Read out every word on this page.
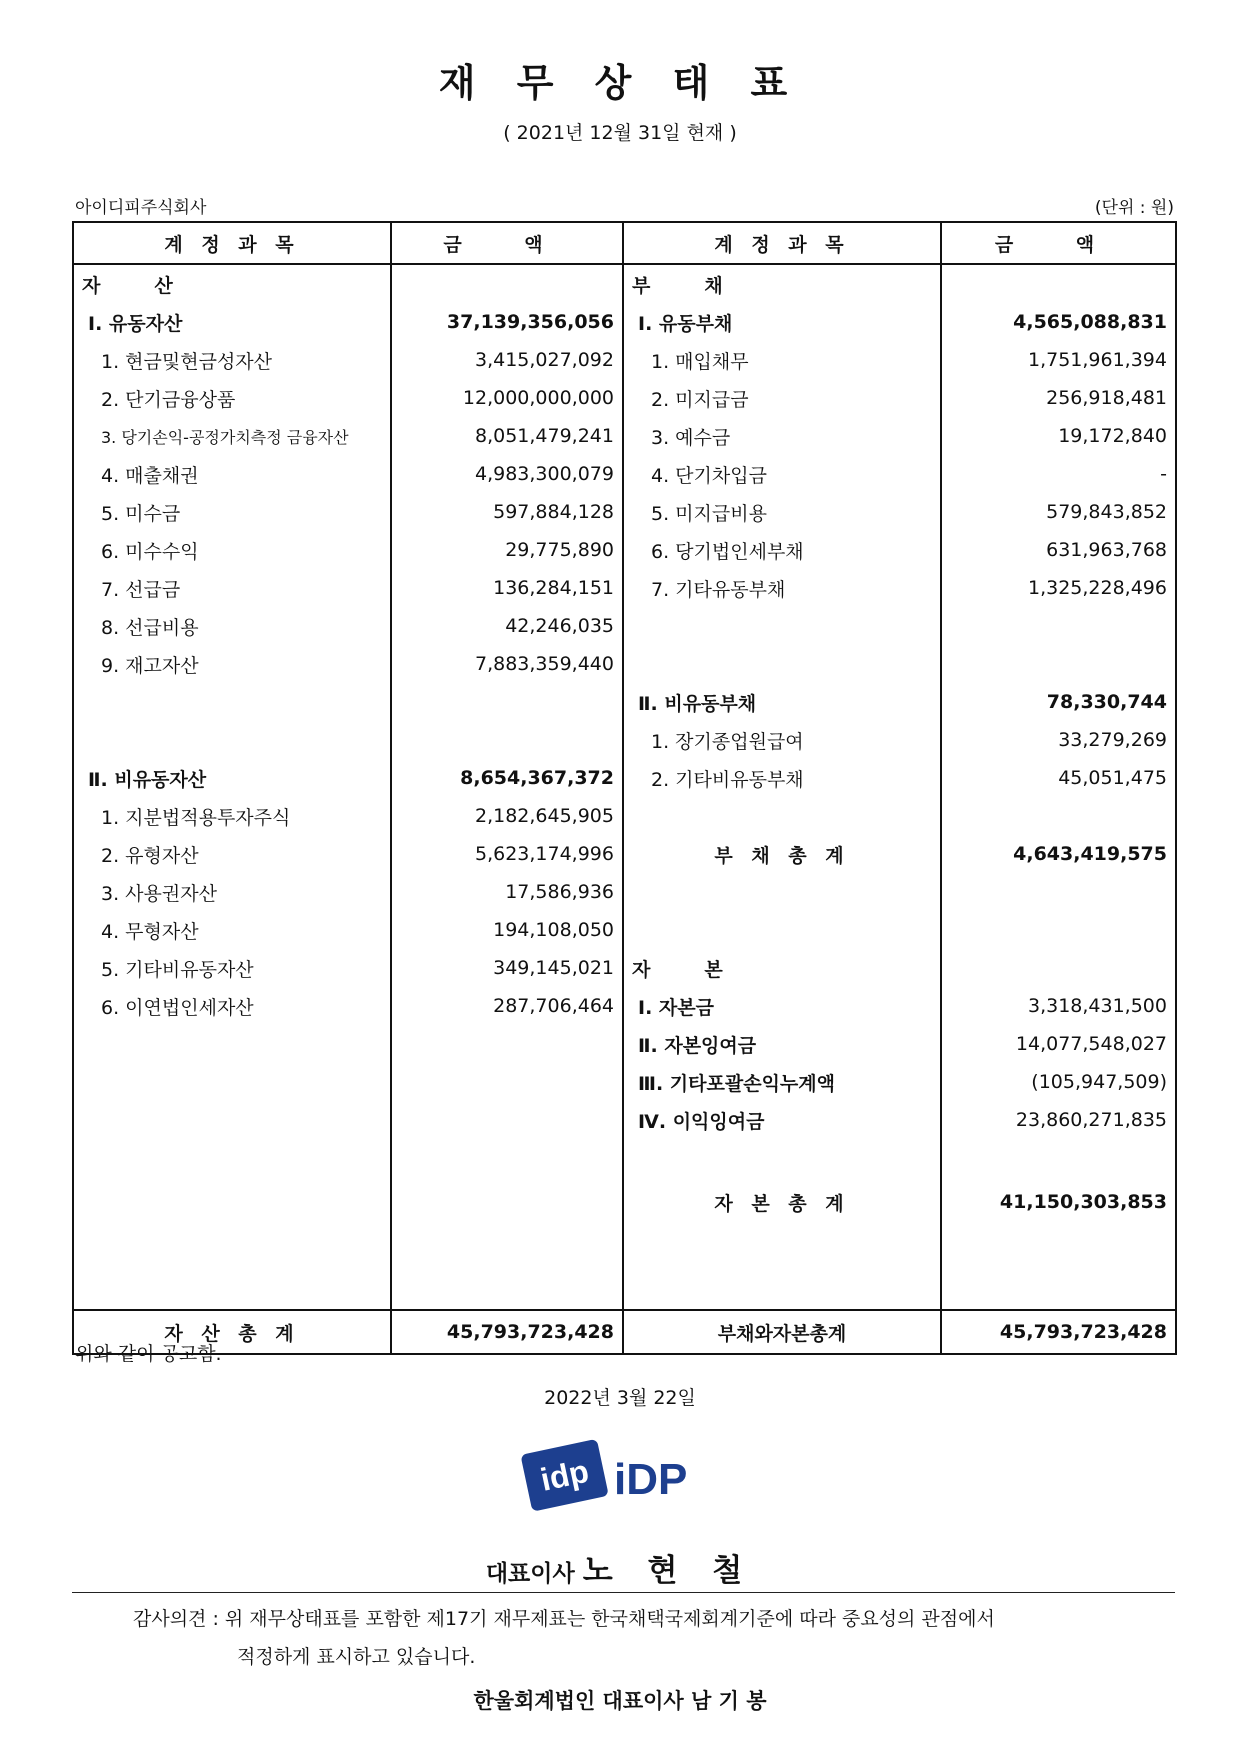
재 무 상 태 표
( 2021년 12월 31일 현재 )
아이디피주식회사	(단위 : 원)
계 정 과 목	금 액	계 정 과 목	금 액
자 산		부 채	
Ⅰ. 유동자산	37,139,356,056	Ⅰ. 유동부채	4,565,088,831
1. 현금및현금성자산	3,415,027,092	1. 매입채무	1,751,961,394
2. 단기금융상품	12,000,000,000	2. 미지급금	256,918,481
3. 당기손익-공정가치측정 금융자산	8,051,479,241	3. 예수금	19,172,840
4. 매출채권	4,983,300,079	4. 단기차입금	-
5. 미수금	597,884,128	5. 미지급비용	579,843,852
6. 미수수익	29,775,890	6. 당기법인세부채	631,963,768
7. 선급금	136,284,151	7. 기타유동부채	1,325,228,496
8. 선급비용	42,246,035		
9. 재고자산	7,883,359,440		
		Ⅱ. 비유동부채	78,330,744
		1. 장기종업원급여	33,279,269
Ⅱ. 비유동자산	8,654,367,372	2. 기타비유동부채	45,051,475
1. 지분법적용투자주식	2,182,645,905		
2. 유형자산	5,623,174,996	부 채 총 계	4,643,419,575
3. 사용권자산	17,586,936		
4. 무형자산	194,108,050		
5. 기타비유동자산	349,145,021	자 본	
6. 이연법인세자산	287,706,464	Ⅰ. 자본금	3,318,431,500
		Ⅱ. 자본잉여금	14,077,548,027
		Ⅲ. 기타포괄손익누계액	(105,947,509)
		Ⅳ. 이익잉여금	23,860,271,835

		자 본 총 계	41,150,303,853

자 산 총 계	45,793,723,428	부채와자본총계	45,793,723,428
위와 같이 공고함.
2022년 3월 22일
idp iDP
대표이사 노 현 철
감사의견 : 위 재무상태표를 포함한 제17기 재무제표는 한국채택국제회계기준에 따라 중요성의 관점에서
적정하게 표시하고 있습니다.
한울회계법인 대표이사 남 기 봉
